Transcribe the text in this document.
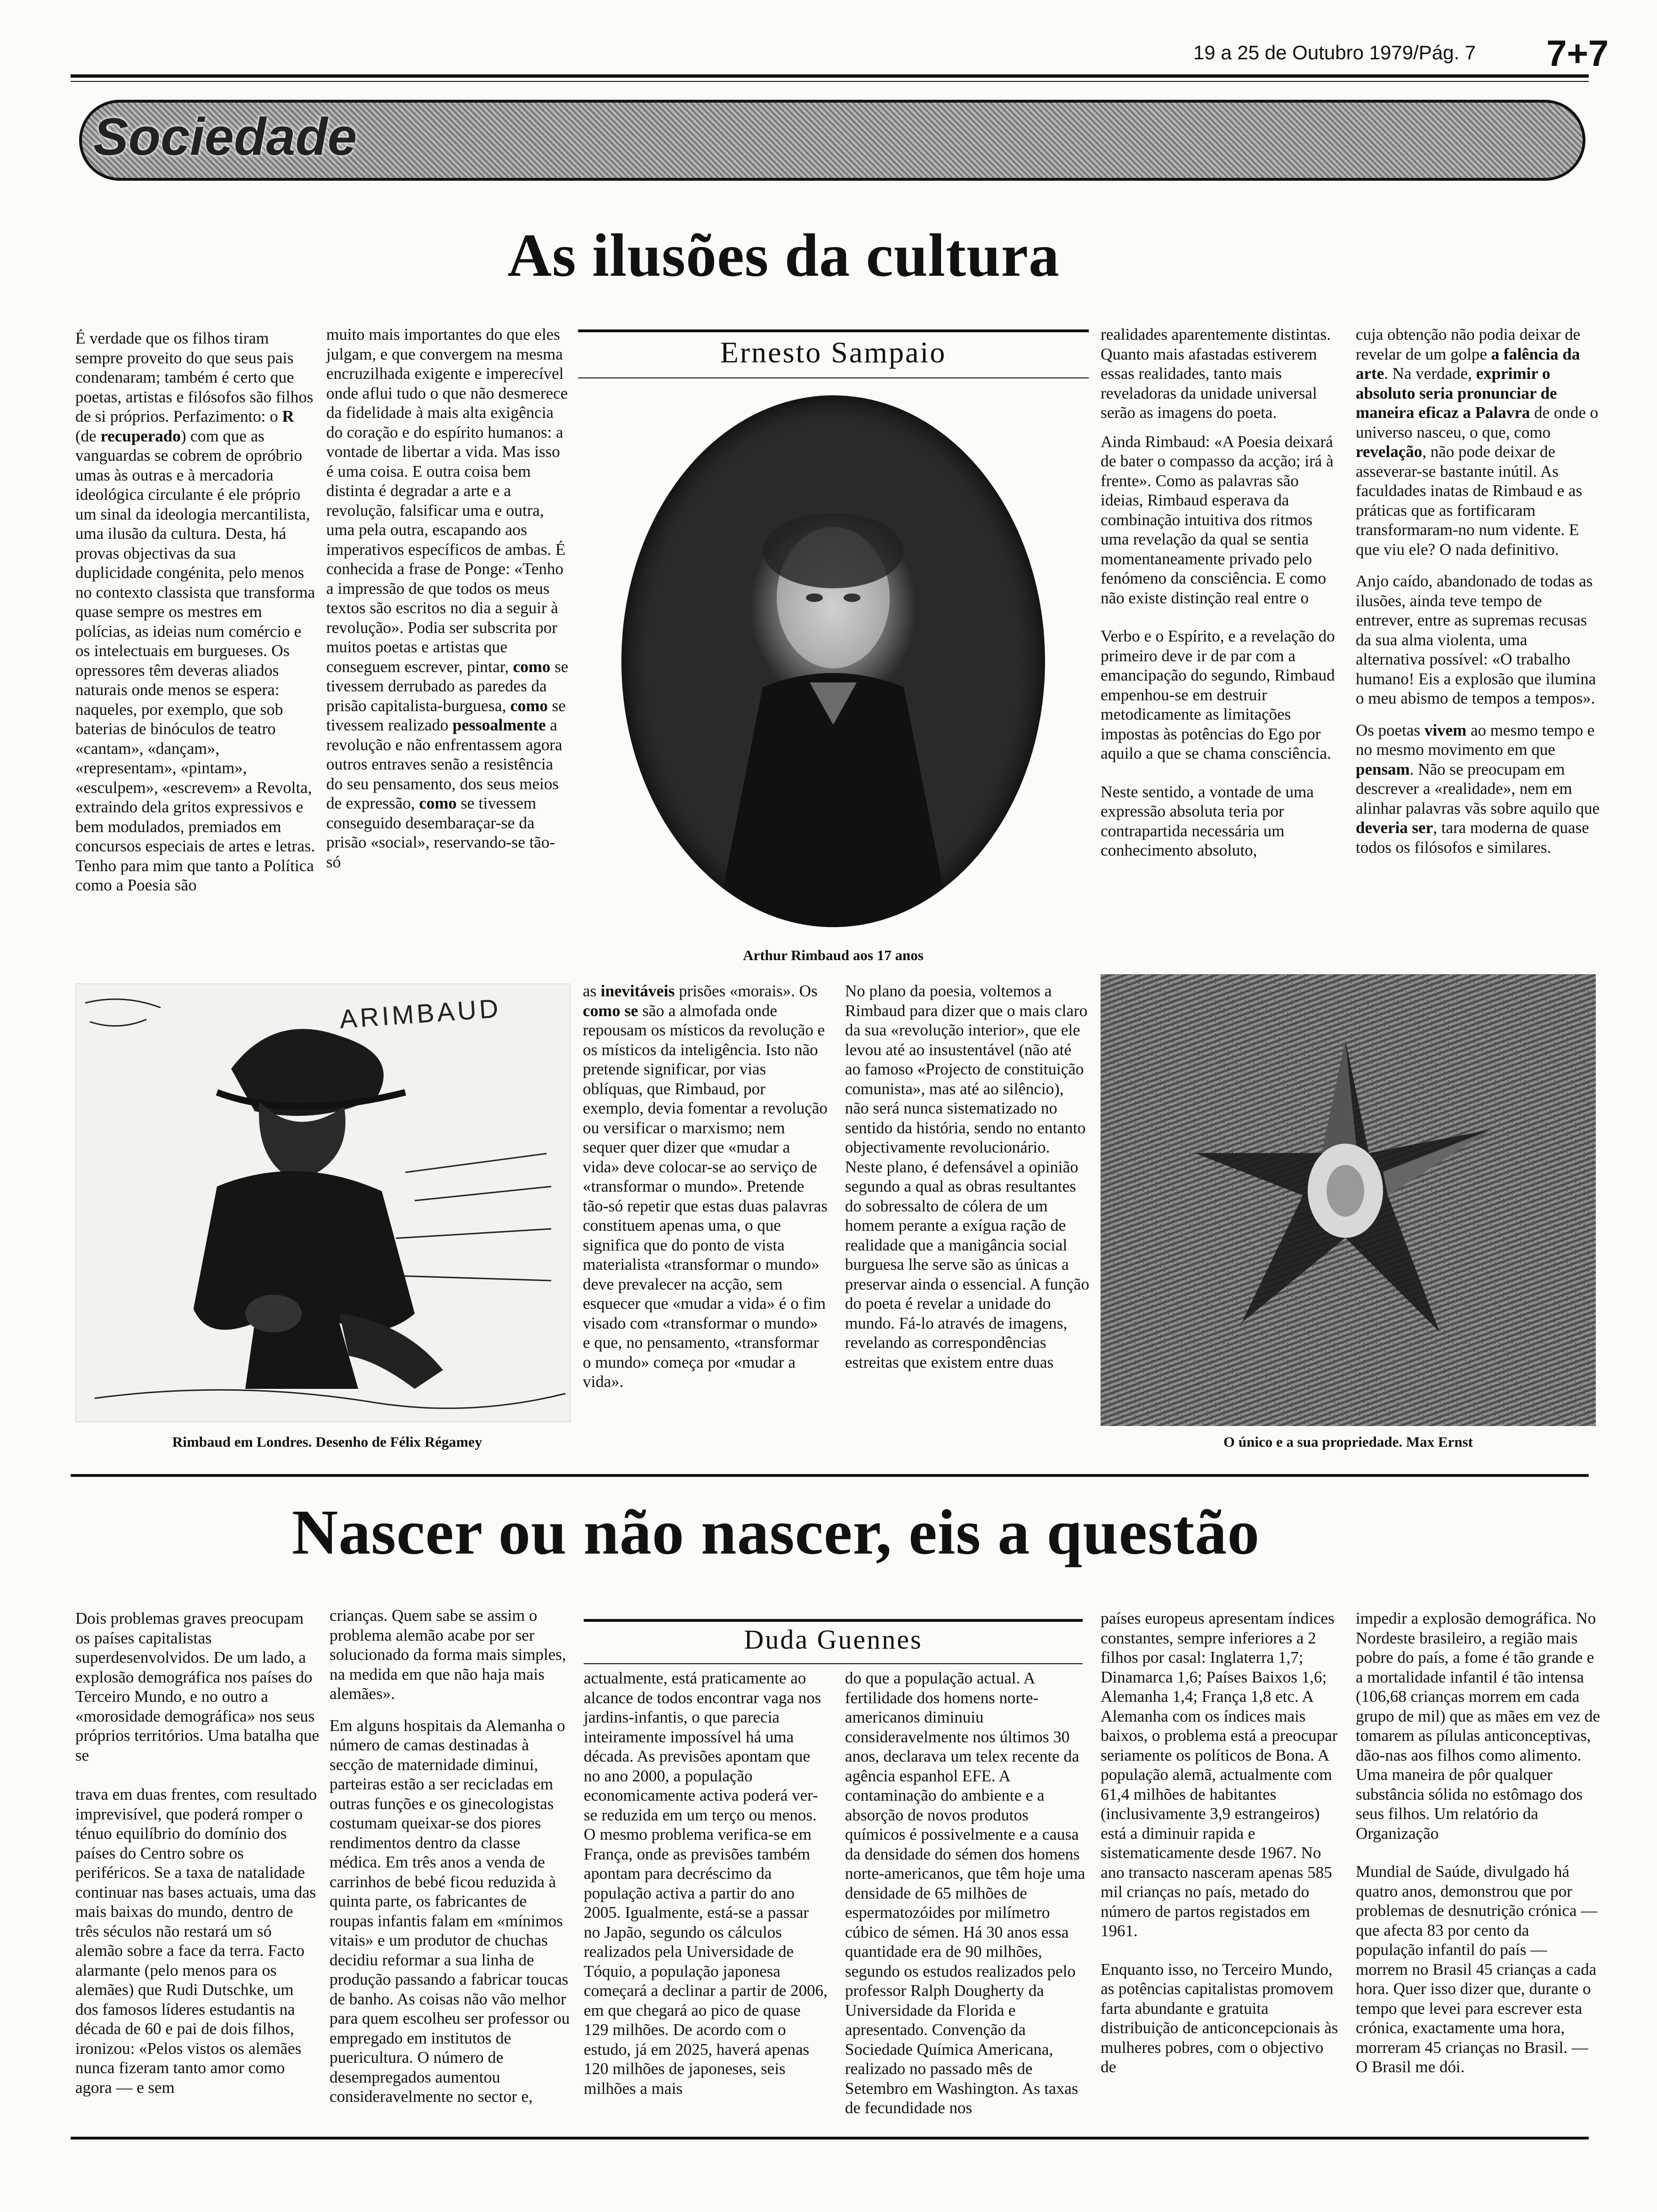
19 a 25 de Outubro 1979/Pág. 7 7+7
Sociedade
As ilusões da cultura

É verdade que os filhos tiram sempre proveito do que seus pais condenaram; também é certo que poetas, artistas e filósofos são filhos de si próprios. Perfazimento: o R (de recuperado) com que as vanguardas se cobrem de opróbrio umas às outras e à mercadoria ideológica circulante é ele próprio um sinal da ideologia mercantilista, uma ilusão da cultura. Desta, há provas objectivas da sua duplicidade congénita, pelo menos no contexto classista que transforma quase sempre os mestres em polícias, as ideias num comércio e os intelectuais em burgueses. Os opressores têm deveras aliados naturais onde menos se espera: naqueles, por exemplo, que sob baterias de binóculos de teatro «cantam», «dançam», «representam», «pintam», «esculpem», «escrevem» a Revolta, extraindo dela gritos expressivos e bem modulados, premiados em concursos especiais de artes e letras. Tenho para mim que tanto a Política como a Poesia são

muito mais importantes do que eles julgam, e que convergem na mesma encruzilhada exigente e imperecível onde aflui tudo o que não desmerece da fidelidade à mais alta exigência do coração e do espírito humanos: a vontade de libertar a vida. Mas isso é uma coisa. E outra coisa bem distinta é degradar a arte e a revolução, falsificar uma e outra, uma pela outra, escapando aos imperativos específicos de ambas. É conhecida a frase de Ponge: «Tenho a impressão de que todos os meus textos são escritos no dia a seguir à revolução». Podia ser subscrita por muitos poetas e artistas que conseguem escrever, pintar, como se tivessem derrubado as paredes da prisão capitalista-burguesa, como se tivessem realizado pessoalmente a revolução e não enfrentassem agora outros entraves senão a resistência do seu pensamento, dos seus meios de expressão, como se tivessem conseguido desembaraçar-se da prisão «social», reservando-se tão-só

Ernesto Sampaio
Arthur Rimbaud aos 17 anos

realidades aparentemente distintas. Quanto mais afastadas estiverem essas realidades, tanto mais reveladoras da unidade universal serão as imagens do poeta.

Ainda Rimbaud: «A Poesia deixará de bater o compasso da acção; irá à frente». Como as palavras são ideias, Rimbaud esperava da combinação intuitiva dos ritmos uma revelação da qual se sentia momentaneamente privado pelo fenómeno da consciência. E como não existe distinção real entre o

Verbo e o Espírito, e a revelação do primeiro deve ir de par com a emancipação do segundo, Rimbaud empenhou-se em destruir metodicamente as limitações impostas às potências do Ego por aquilo a que se chama consciência.

Neste sentido, a vontade de uma expressão absoluta teria por contrapartida necessária um conhecimento absoluto,

cuja obtenção não podia deixar de revelar de um golpe a falência da arte. Na verdade, exprimir o absoluto seria pronunciar de maneira eficaz a Palavra de onde o universo nasceu, o que, como revelação, não pode deixar de asseverar-se bastante inútil. As faculdades inatas de Rimbaud e as práticas que as fortificaram transformaram-no num vidente. E que viu ele? O nada definitivo.

Anjo caído, abandonado de todas as ilusões, ainda teve tempo de entrever, entre as supremas recusas da sua alma violenta, uma alternativa possível: «O trabalho humano! Eis a explosão que ilumina o meu abismo de tempos a tempos».

Os poetas vivem ao mesmo tempo e no mesmo movimento em que pensam. Não se preocupam em descrever a «realidade», nem em alinhar palavras vãs sobre aquilo que deveria ser, tara moderna de quase todos os filósofos e similares.

ARIMBAUD
Rimbaud em Londres. Desenho de Félix Régamey

as inevitáveis prisões «morais». Os como se são a almofada onde repousam os místicos da revolução e os místicos da inteligência. Isto não pretende significar, por vias oblíquas, que Rimbaud, por exemplo, devia fomentar a revolução ou versificar o marxismo; nem sequer quer dizer que «mudar a vida» deve colocar-se ao serviço de «transformar o mundo». Pretende tão-só repetir que estas duas palavras constituem apenas uma, o que significa que do ponto de vista materialista «transformar o mundo» deve prevalecer na acção, sem esquecer que «mudar a vida» é o fim visado com «transformar o mundo» e que, no pensamento, «transformar o mundo» começa por «mudar a vida».

No plano da poesia, voltemos a Rimbaud para dizer que o mais claro da sua «revolução interior», que ele levou até ao insustentável (não até ao famoso «Projecto de constituição comunista», mas até ao silêncio), não será nunca sistematizado no sentido da história, sendo no entanto objectivamente revolucionário. Neste plano, é defensável a opinião segundo a qual as obras resultantes do sobressalto de cólera de um homem perante a exígua ração de realidade que a manigância social burguesa lhe serve são as únicas a preservar ainda o essencial. A função do poeta é revelar a unidade do mundo. Fá-lo através de imagens, revelando as correspondências estreitas que existem entre duas

O único e a sua propriedade. Max Ernst
Nascer ou não nascer, eis a questão

Dois problemas graves preocupam os países capitalistas superdesenvolvidos. De um lado, a explosão demográfica nos países do Terceiro Mundo, e no outro a «morosidade demográfica» nos seus próprios territórios. Uma batalha que se

trava em duas frentes, com resultado imprevisível, que poderá romper o ténuo equilíbrio do domínio dos países do Centro sobre os periféricos. Se a taxa de natalidade continuar nas bases actuais, uma das mais baixas do mundo, dentro de três séculos não restará um só alemão sobre a face da terra. Facto alarmante (pelo menos para os alemães) que Rudi Dutschke, um dos famosos líderes estudantis na década de 60 e pai de dois filhos, ironizou: «Pelos vistos os alemães nunca fizeram tanto amor como agora — e sem

crianças. Quem sabe se assim o problema alemão acabe por ser solucionado da forma mais simples, na medida em que não haja mais alemães».

Em alguns hospitais da Alemanha o número de camas destinadas à secção de maternidade diminui, parteiras estão a ser recicladas em outras funções e os ginecologistas costumam queixar-se dos piores rendimentos dentro da classe médica. Em três anos a venda de carrinhos de bebé ficou reduzida à quinta parte, os fabricantes de roupas infantis falam em «mínimos vitais» e um produtor de chuchas decidiu reformar a sua linha de produção passando a fabricar toucas de banho. As coisas não vão melhor para quem escolheu ser professor ou empregado em institutos de puericultura. O número de desempregados aumentou consideravelmente no sector e,

Duda Guennes

actualmente, está praticamente ao alcance de todos encontrar vaga nos jardins-infantis, o que parecia inteiramente impossível há uma década. As previsões apontam que no ano 2000, a população economicamente activa poderá ver-se reduzida em um terço ou menos. O mesmo problema verifica-se em França, onde as previsões também apontam para decréscimo da população activa a partir do ano 2005. Igualmente, está-se a passar no Japão, segundo os cálculos realizados pela Universidade de Tóquio, a população japonesa começará a declinar a partir de 2006, em que chegará ao pico de quase 129 milhões. De acordo com o estudo, já em 2025, haverá apenas 120 milhões de japoneses, seis milhões a mais

do que a população actual. A fertilidade dos homens norte-americanos diminuiu consideravelmente nos últimos 30 anos, declarava um telex recente da agência espanhol EFE. A contaminação do ambiente e a absorção de novos produtos químicos é possivelmente e a causa da densidade do sémen dos homens norte-americanos, que têm hoje uma densidade de 65 milhões de espermatozóides por milímetro cúbico de sémen. Há 30 anos essa quantidade era de 90 milhões, segundo os estudos realizados pelo professor Ralph Dougherty da Universidade da Florida e apresentado. Convenção da Sociedade Química Americana, realizado no passado mês de Setembro em Washington. As taxas de fecundidade nos

países europeus apresentam índices constantes, sempre inferiores a 2 filhos por casal: Inglaterra 1,7; Dinamarca 1,6; Países Baixos 1,6; Alemanha 1,4; França 1,8 etc. A Alemanha com os índices mais baixos, o problema está a preocupar seriamente os políticos de Bona. A população alemã, actualmente com 61,4 milhões de habitantes (inclusivamente 3,9 estrangeiros) está a diminuir rapida e sistematicamente desde 1967. No ano transacto nasceram apenas 585 mil crianças no país, metado do número de partos registados em 1961.

Enquanto isso, no Terceiro Mundo, as potências capitalistas promovem farta abundante e gratuita distribuição de anticoncepcionais às mulheres pobres, com o objectivo de

impedir a explosão demográfica. No Nordeste brasileiro, a região mais pobre do país, a fome é tão grande e a mortalidade infantil é tão intensa (106,68 crianças morrem em cada grupo de mil) que as mães em vez de tomarem as pílulas anticonceptivas, dão-nas aos filhos como alimento. Uma maneira de pôr qualquer substância sólida no estômago dos seus filhos. Um relatório da Organização

Mundial de Saúde, divulgado há quatro anos, demonstrou que por problemas de desnutrição crónica — que afecta 83 por cento da população infantil do país — morrem no Brasil 45 crianças a cada hora. Quer isso dizer que, durante o tempo que levei para escrever esta crónica, exactamente uma hora, morreram 45 crianças no Brasil. — O Brasil me dói.
